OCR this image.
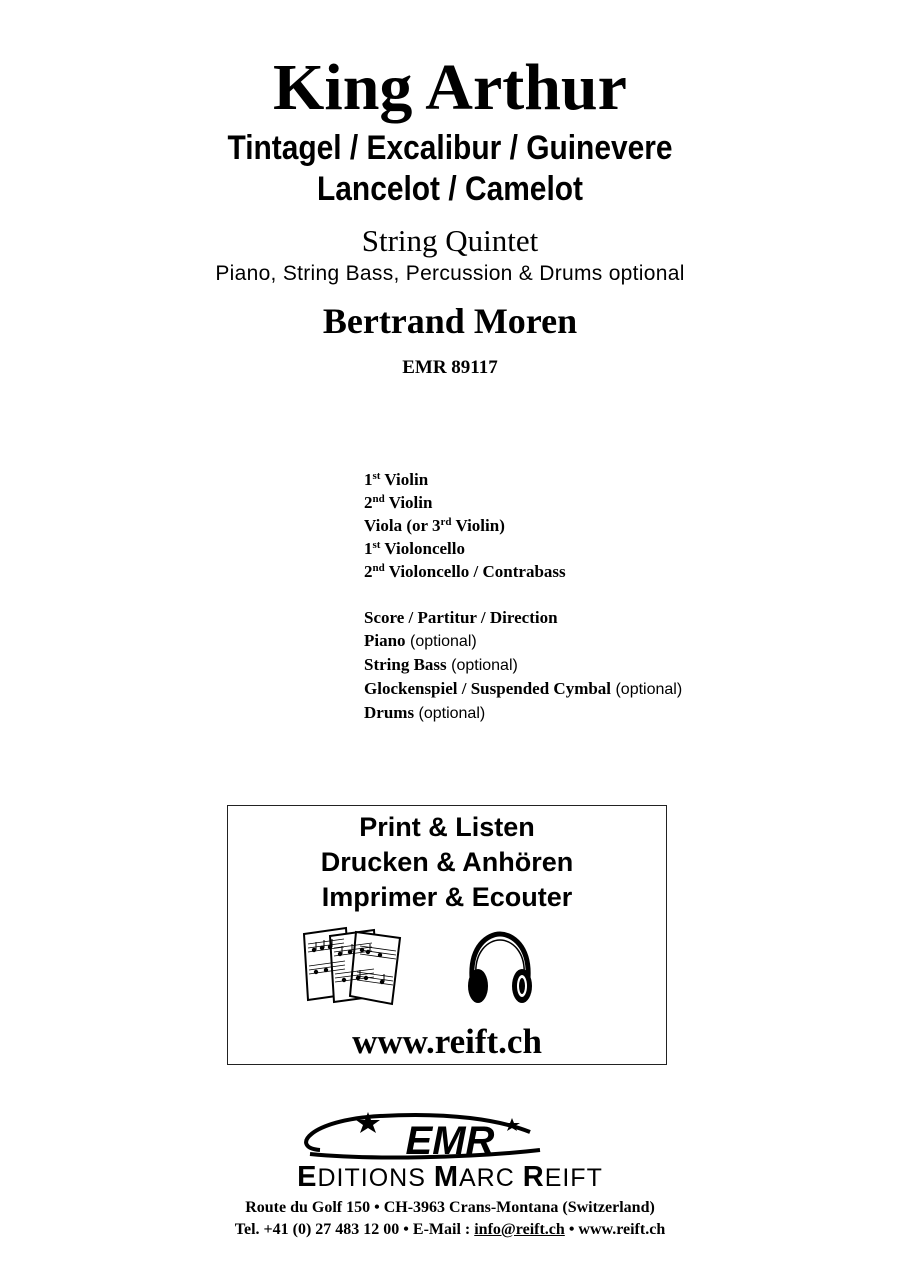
King Arthur
Tintagel / Excalibur / Guinevere
Lancelot / Camelot
String Quintet
Piano, String Bass, Percussion & Drums optional
Bertrand Moren
EMR 89117
1st Violin
2nd Violin
Viola (or 3rd Violin)
1st Violoncello
2nd Violoncello / Contrabass
Score / Partitur / Direction
Piano (optional)
String Bass (optional)
Glockenspiel / Suspended Cymbal (optional)
Drums (optional)
Print & Listen
Drucken & Anhören
Imprimer & Ecouter
www.reift.ch
EMR
EDITIONS MARC REIFT
Route du Golf 150 • CH-3963 Crans-Montana (Switzerland)
Tel. +41 (0) 27 483 12 00 • E-Mail : info@reift.ch • www.reift.ch
